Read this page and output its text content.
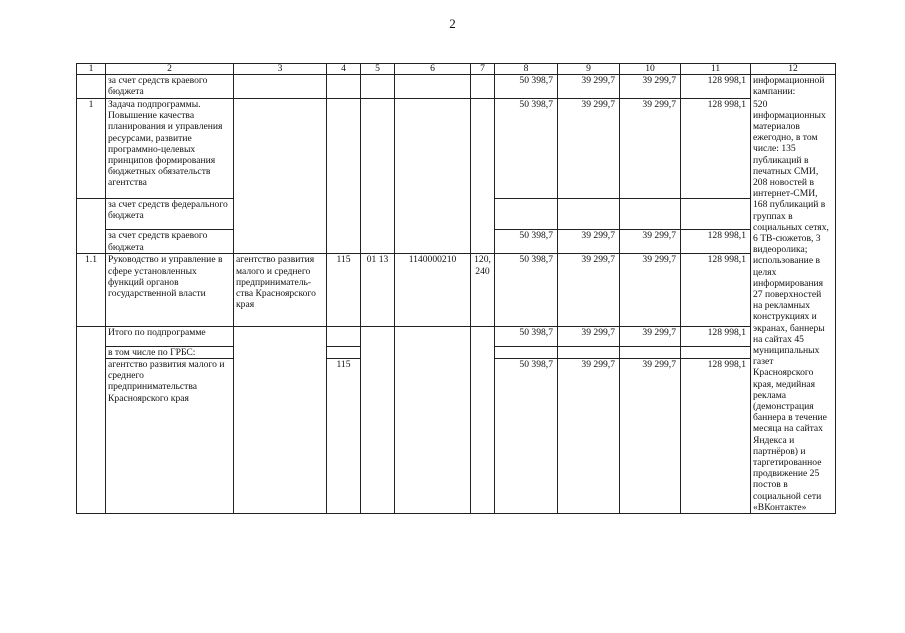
2
1	2	3	4	5	6	7	8	9	10	11	12
	за счет средств краевого бюджета						50 398,7	39 299,7	39 299,7	128 998,1	информационной кампании:
1	Задача подпрограммы. Повышение качества планирования и управления ресурсами, развитие программно-целевых принципов формирования бюджетных обязательств агентства						50 398,7	39 299,7	39 299,7	128 998,1	520 информационных материалов ежегодно, в том числе: 135 публикаций в печатных СМИ, 208 новостей в интернет-СМИ, 168 публикаций в группах в социальных сетях, 6 ТВ-сюжетов, 3 видеоролика; использование в целях информирования 27 поверхностей на рекламных конструкциях и экранах, баннеры на сайтах 45 муниципальных газет Красноярского края, медийная реклама (демонстрация баннера в течение месяца на сайтах Яндекса и партнёров) и таргетированное продвижение 25 постов в социальной сети «ВКонтакте»
	за счет средств федерального бюджета										
	за счет средств краевого бюджета						50 398,7	39 299,7	39 299,7	128 998,1	
1.1	Руководство и управление в сфере установленных функций органов государственной власти	агентство развития малого и среднего предприниматель-ства Красноярского края	115	01 13	1140000210	120, 240	50 398,7	39 299,7	39 299,7	128 998,1	
	Итого по подпрограмме						50 398,7	39 299,7	39 299,7	128 998,1	
	в том числе по ГРБС:										
	агентство развития малого и среднего предпринимательства Красноярского края		115				50 398,7	39 299,7	39 299,7	128 998,1	
